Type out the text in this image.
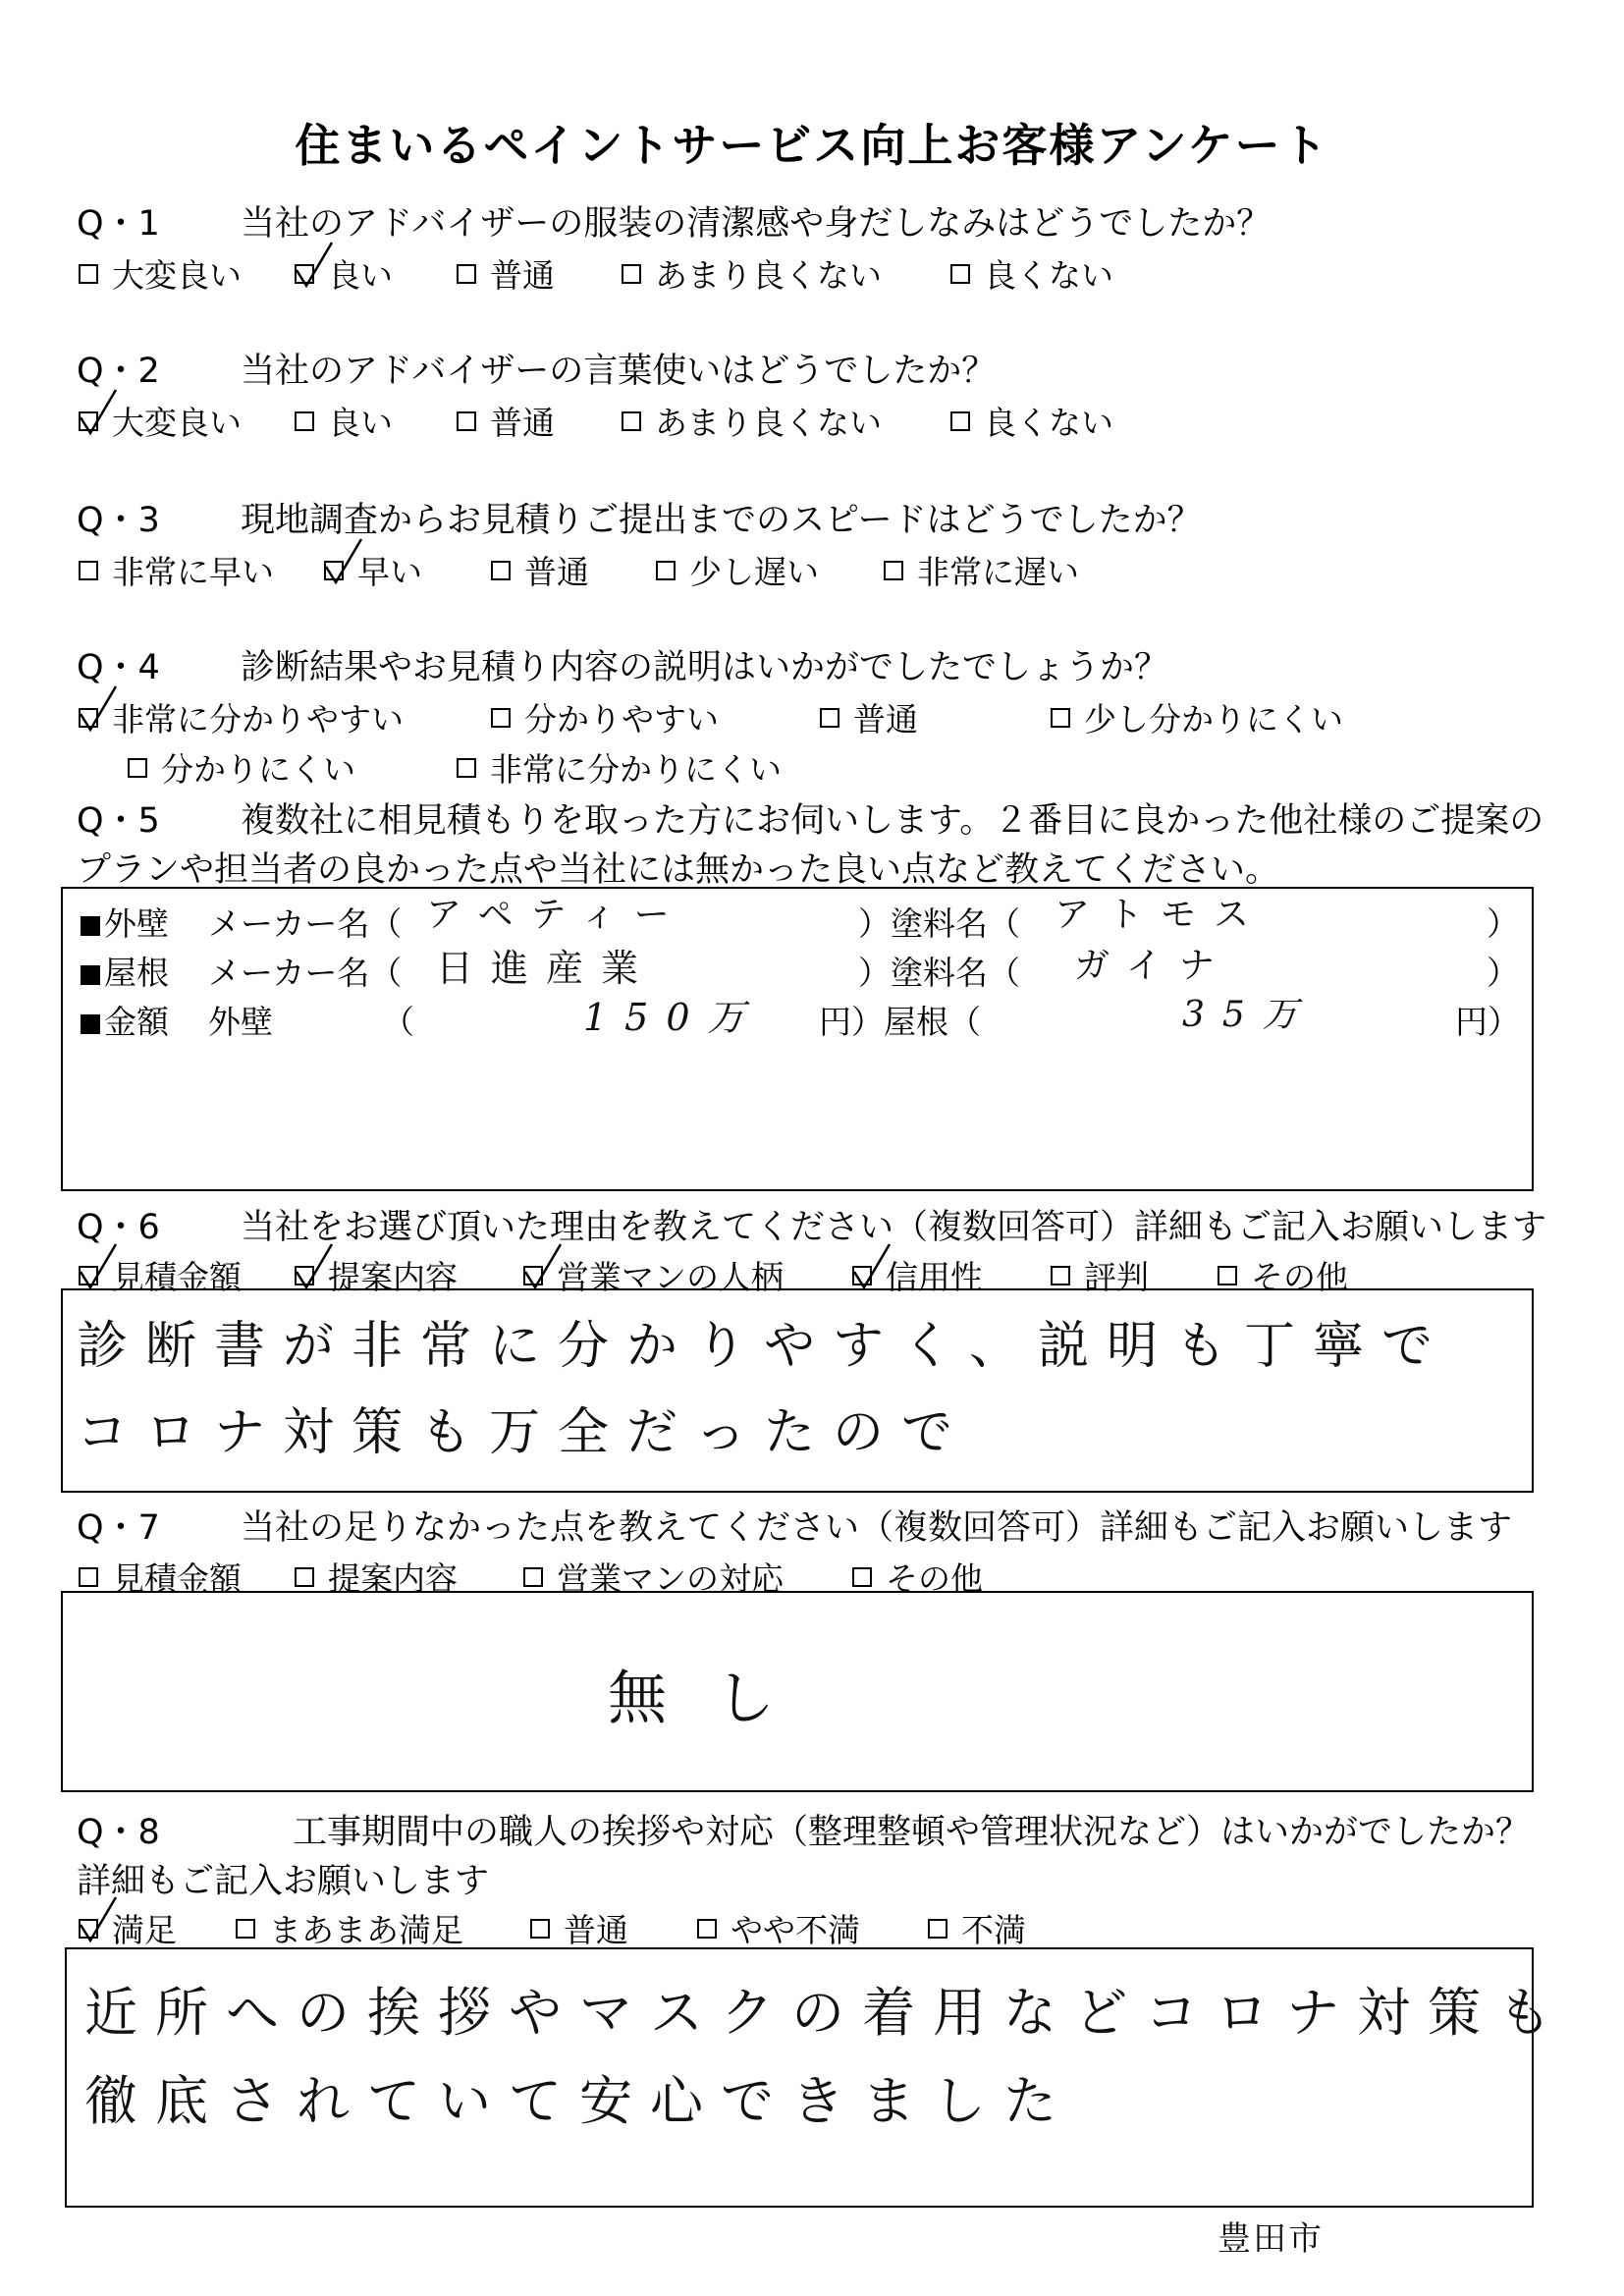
住まいるペイントサービス向上お客様アンケート
Q・1 当社のアドバイザーの服装の清潔感や身だしなみはどうでしたか？
大変良い	良い	普通	あまり良くない	良くない
Q・2 当社のアドバイザーの言葉使いはどうでしたか？
大変良い	良い	普通	あまり良くない	良くない
Q・3 現地調査からお見積りご提出までのスピードはどうでしたか？
非常に早い	早い	普通	少し遅い	非常に遅い
Q・4 診断結果やお見積り内容の説明はいかがでしたでしょうか？
非常に分かりやすい	分かりやすい	普通	少し分かりにくい
分かりにくい	非常に分かりにくい
Q・5 複数社に相見積もりを取った方にお伺いします。２番目に良かった他社様のご提案の
プランや担当者の良かった点や当社には無かった良い点など教えてください。
外壁 メーカー名（ アペティー	）塗料名（ アトモス	）
屋根 メーカー名（ 日進産業	）塗料名（ ガイナ	）
金額 外壁	（	150万 円）屋根（	35万	円）
Q・6 当社をお選び頂いた理由を教えてください（複数回答可）詳細もご記入お願いします
見積金額	提案内容	営業マンの人柄	信用性	評判	その他
診断書が非常に分かりやすく、説明も丁寧で
コロナ対策も万全だったので
Q・7 当社の足りなかった点を教えてください（複数回答可）詳細もご記入お願いします
見積金額	提案内容	営業マンの対応	その他
無し
Q・8	工事期間中の職人の挨拶や対応（整理整頓や管理状況など）はいかがでしたか？
詳細もご記入お願いします
満足	まあまあ満足	普通	やや不満	不満
近所への挨拶やマスクの着用などコロナ対策も
徹底されていて安心できました
豊田市
